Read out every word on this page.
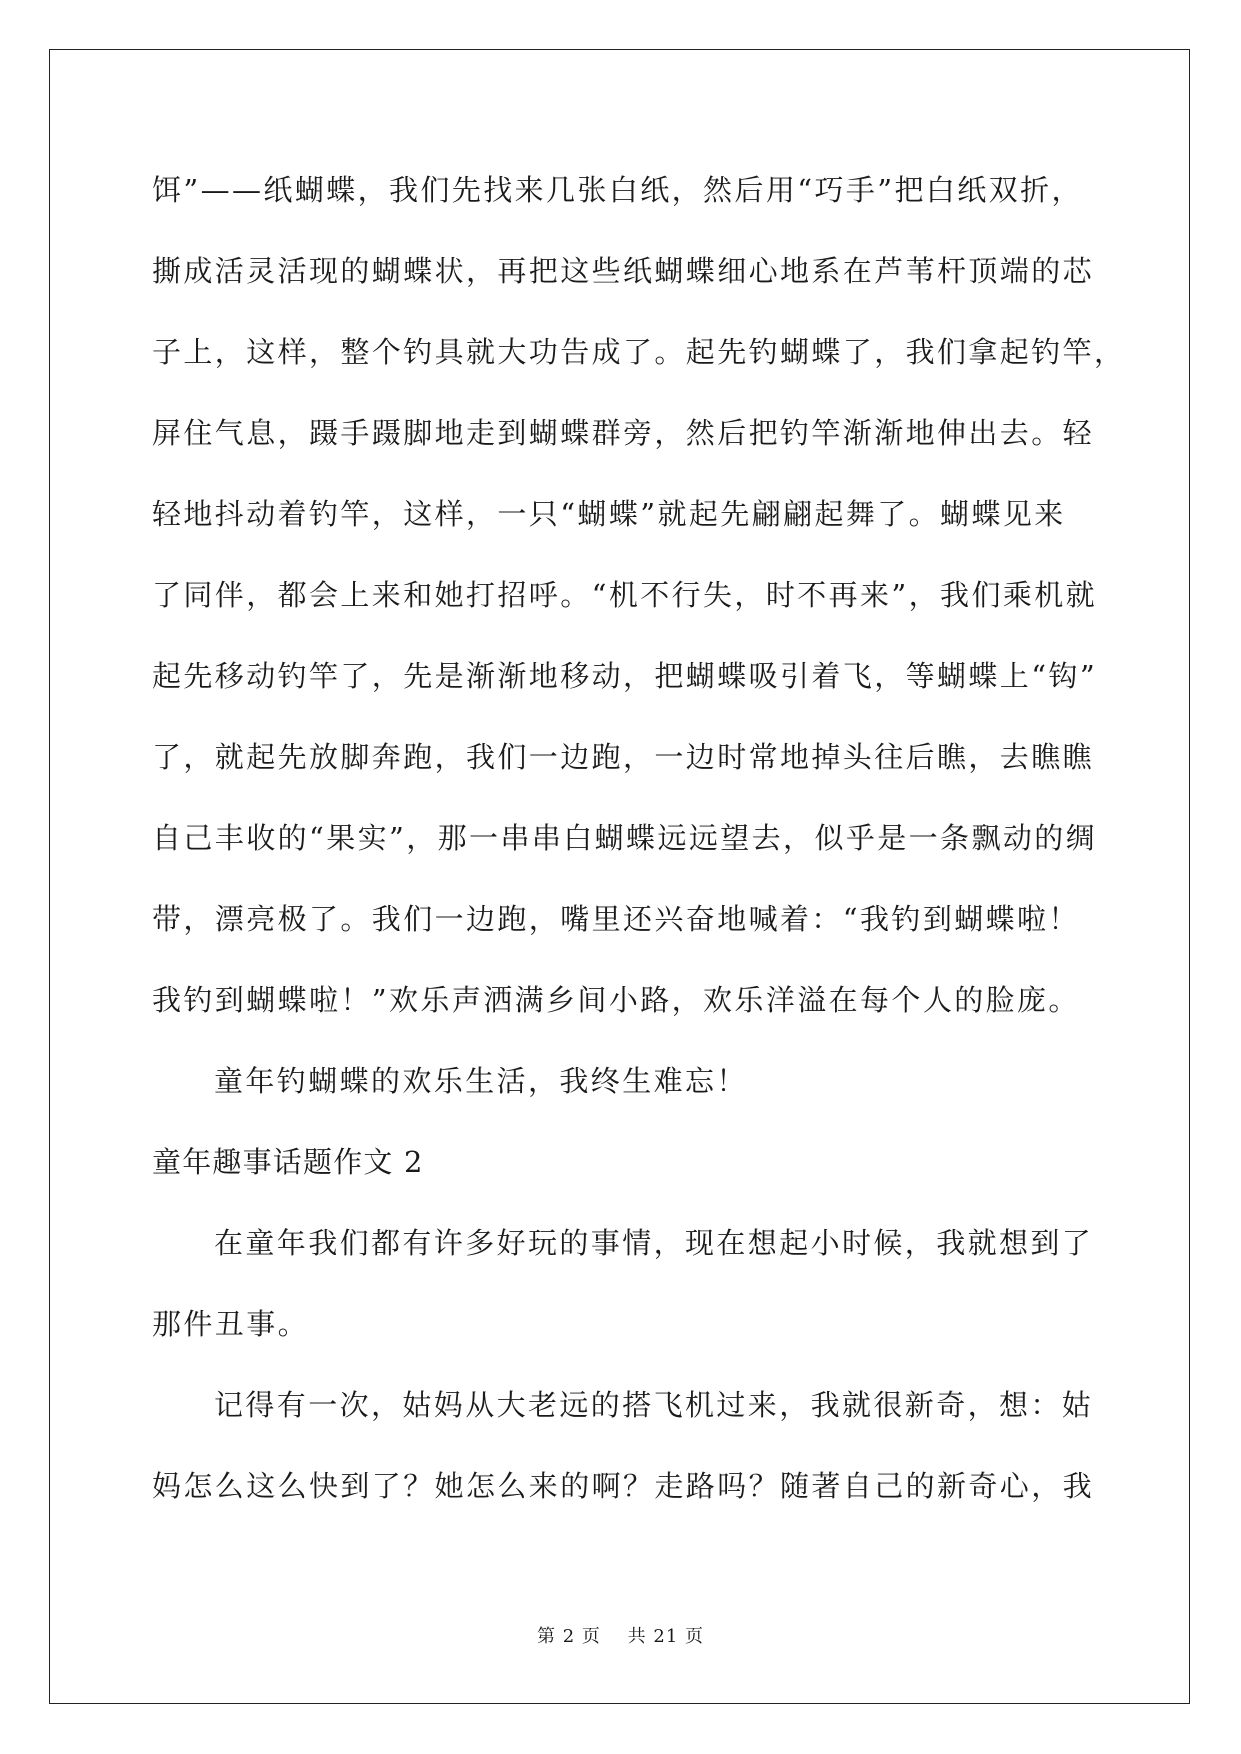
饵”——纸蝴蝶，我们先找来几张白纸，然后用“巧手”把白纸双折，

撕成活灵活现的蝴蝶状，再把这些纸蝴蝶细心地系在芦苇杆顶端的芯

子上，这样，整个钓具就大功告成了。起先钓蝴蝶了，我们拿起钓竿，

屏住气息，蹑手蹑脚地走到蝴蝶群旁，然后把钓竿渐渐地伸出去。轻

轻地抖动着钓竿，这样，一只“蝴蝶”就起先翩翩起舞了。蝴蝶见来

了同伴，都会上来和她打招呼。“机不行失，时不再来”，我们乘机就

起先移动钓竿了，先是渐渐地移动，把蝴蝶吸引着飞，等蝴蝶上“钩”

了，就起先放脚奔跑，我们一边跑，一边时常地掉头往后瞧，去瞧瞧

自己丰收的“果实”，那一串串白蝴蝶远远望去，似乎是一条飘动的绸

带，漂亮极了。我们一边跑，嘴里还兴奋地喊着：“我钓到蝴蝶啦！

我钓到蝴蝶啦！”欢乐声洒满乡间小路，欢乐洋溢在每个人的脸庞。

童年钓蝴蝶的欢乐生活，我终生难忘！

童年趣事话题作文 2

在童年我们都有许多好玩的事情，现在想起小时候，我就想到了

那件丑事。

记得有一次，姑妈从大老远的搭飞机过来，我就很新奇，想：姑

妈怎么这么快到了？她怎么来的啊？走路吗？随著自己的新奇心，我

第 2 页 共 21 页
